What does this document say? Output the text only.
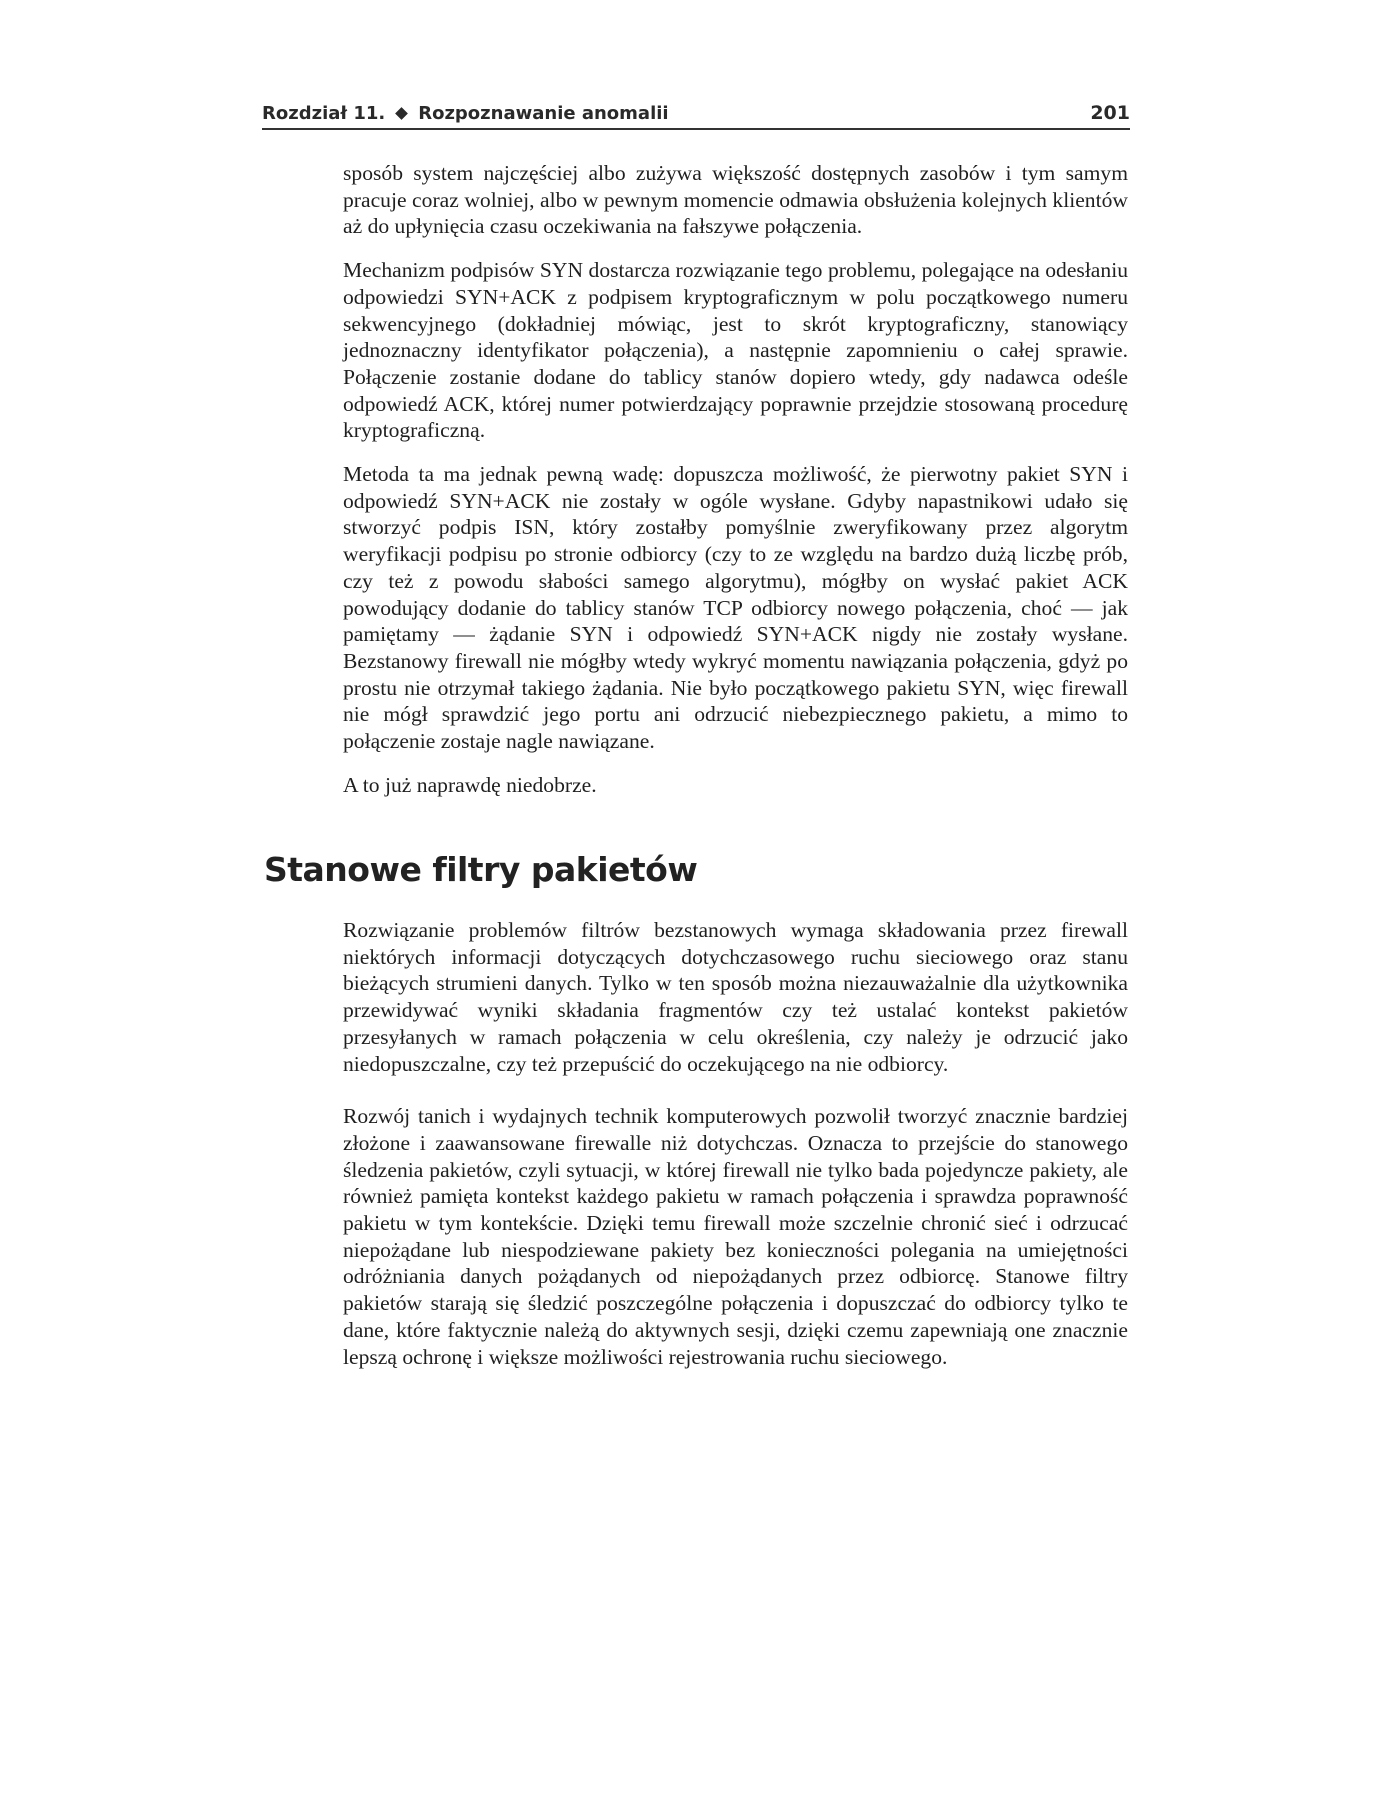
Rozdział 11. Rozpoznawanie anomalii	201

sposób system najczęściej albo zużywa większość dostępnych zasobów i tym samym pracuje coraz wolniej, albo w pewnym momencie odmawia obsłużenia kolejnych klientów aż do upłynięcia czasu oczekiwania na fałszywe połączenia.

Mechanizm podpisów SYN dostarcza rozwiązanie tego problemu, polegające na odesłaniu odpowiedzi SYN+ACK z podpisem kryptograficznym w polu początkowego numeru sekwencyjnego (dokładniej mówiąc, jest to skrót kryptograficzny, stanowiący jednoznaczny identyfikator połączenia), a następnie zapomnieniu o całej sprawie. Połączenie zostanie dodane do tablicy stanów dopiero wtedy, gdy nadawca odeśle odpowiedź ACK, której numer potwierdzający poprawnie przejdzie stosowaną procedurę kryptograficzną.

Metoda ta ma jednak pewną wadę: dopuszcza możliwość, że pierwotny pakiet SYN i odpowiedź SYN+ACK nie zostały w ogóle wysłane. Gdyby napastnikowi udało się stworzyć podpis ISN, który zostałby pomyślnie zweryfikowany przez algorytm weryfikacji podpisu po stronie odbiorcy (czy to ze względu na bardzo dużą liczbę prób, czy też z powodu słabości samego algorytmu), mógłby on wysłać pakiet ACK powodujący dodanie do tablicy stanów TCP odbiorcy nowego połączenia, choć — jak pamiętamy — żądanie SYN i odpowiedź SYN+ACK nigdy nie zostały wysłane. Bezstanowy firewall nie mógłby wtedy wykryć momentu nawiązania połączenia, gdyż po prostu nie otrzymał takiego żądania. Nie było początkowego pakietu SYN, więc firewall nie mógł sprawdzić jego portu ani odrzucić niebezpiecznego pakietu, a mimo to połączenie zostaje nagle nawiązane.

A to już naprawdę niedobrze.

Stanowe filtry pakietów

Rozwiązanie problemów filtrów bezstanowych wymaga składowania przez firewall niektórych informacji dotyczących dotychczasowego ruchu sieciowego oraz stanu bieżących strumieni danych. Tylko w ten sposób można niezauważalnie dla użytkownika przewidywać wyniki składania fragmentów czy też ustalać kontekst pakietów przesyłanych w ramach połączenia w celu określenia, czy należy je odrzucić jako niedopuszczalne, czy też przepuścić do oczekującego na nie odbiorcy.

Rozwój tanich i wydajnych technik komputerowych pozwolił tworzyć znacznie bardziej złożone i zaawansowane firewalle niż dotychczas. Oznacza to przejście do stanowego śledzenia pakietów, czyli sytuacji, w której firewall nie tylko bada pojedyncze pakiety, ale również pamięta kontekst każdego pakietu w ramach połączenia i sprawdza poprawność pakietu w tym kontekście. Dzięki temu firewall może szczelnie chronić sieć i odrzucać niepożądane lub niespodziewane pakiety bez konieczności polegania na umiejętności odróżniania danych pożądanych od niepożądanych przez odbiorcę. Stanowe filtry pakietów starają się śledzić poszczególne połączenia i dopuszczać do odbiorcy tylko te dane, które faktycznie należą do aktywnych sesji, dzięki czemu zapewniają one znacznie lepszą ochronę i większe możliwości rejestrowania ruchu sieciowego.
